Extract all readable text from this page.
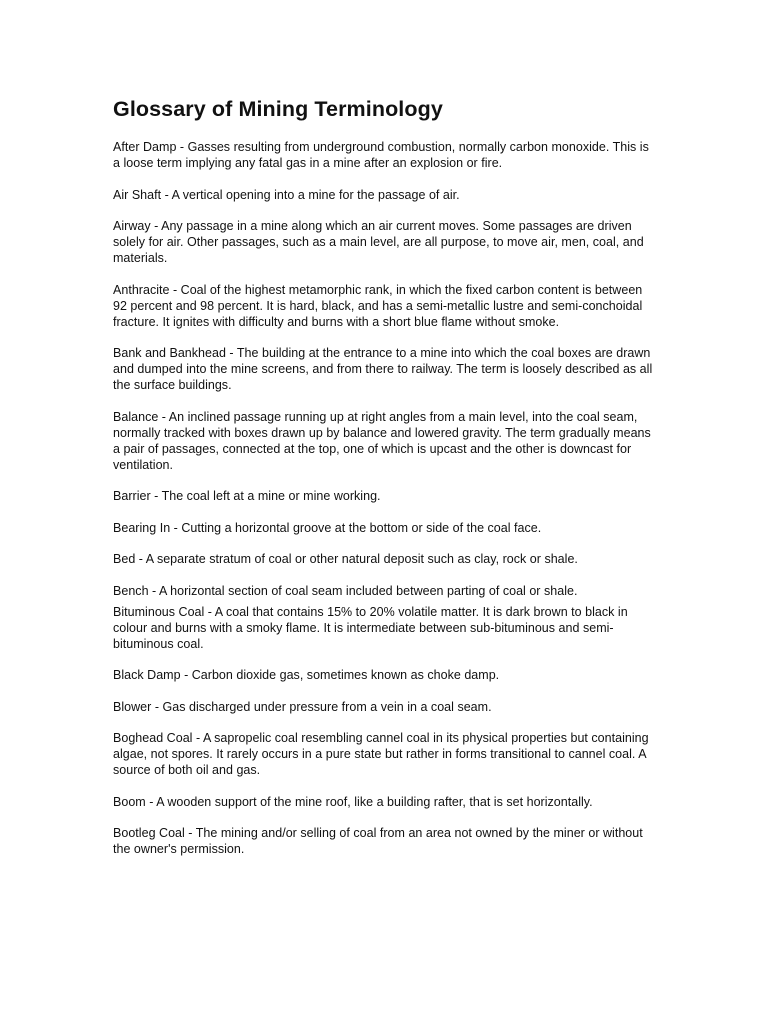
Glossary of Mining Terminology

After Damp - Gasses resulting from underground combustion, normally carbon monoxide. This is a loose term implying any fatal gas in a mine after an explosion or fire.

Air Shaft - A vertical opening into a mine for the passage of air.

Airway - Any passage in a mine along which an air current moves. Some passages are driven solely for air. Other passages, such as a main level, are all purpose, to move air, men, coal, and materials.

Anthracite - Coal of the highest metamorphic rank, in which the fixed carbon content is between 92 percent and 98 percent. It is hard, black, and has a semi-metallic lustre and semi-conchoidal fracture. It ignites with difficulty and burns with a short blue flame without smoke.

Bank and Bankhead - The building at the entrance to a mine into which the coal boxes are drawn and dumped into the mine screens, and from there to railway. The term is loosely described as all the surface buildings.

Balance - An inclined passage running up at right angles from a main level, into the coal seam, normally tracked with boxes drawn up by balance and lowered gravity. The term gradually means a pair of passages, connected at the top, one of which is upcast and the other is downcast for ventilation.

Barrier - The coal left at a mine or mine working.

Bearing In - Cutting a horizontal groove at the bottom or side of the coal face.

Bed - A separate stratum of coal or other natural deposit such as clay, rock or shale.

Bench - A horizontal section of coal seam included between parting of coal or shale.

Bituminous Coal - A coal that contains 15% to 20% volatile matter. It is dark brown to black in colour and burns with a smoky flame. It is intermediate between sub-bituminous and semi-bituminous coal.

Black Damp - Carbon dioxide gas, sometimes known as choke damp.

Blower - Gas discharged under pressure from a vein in a coal seam.

Boghead Coal - A sapropelic coal resembling cannel coal in its physical properties but containing algae, not spores. It rarely occurs in a pure state but rather in forms transitional to cannel coal. A source of both oil and gas.

Boom - A wooden support of the mine roof, like a building rafter, that is set horizontally.

Bootleg Coal - The mining and/or selling of coal from an area not owned by the miner or without the owner's permission.
